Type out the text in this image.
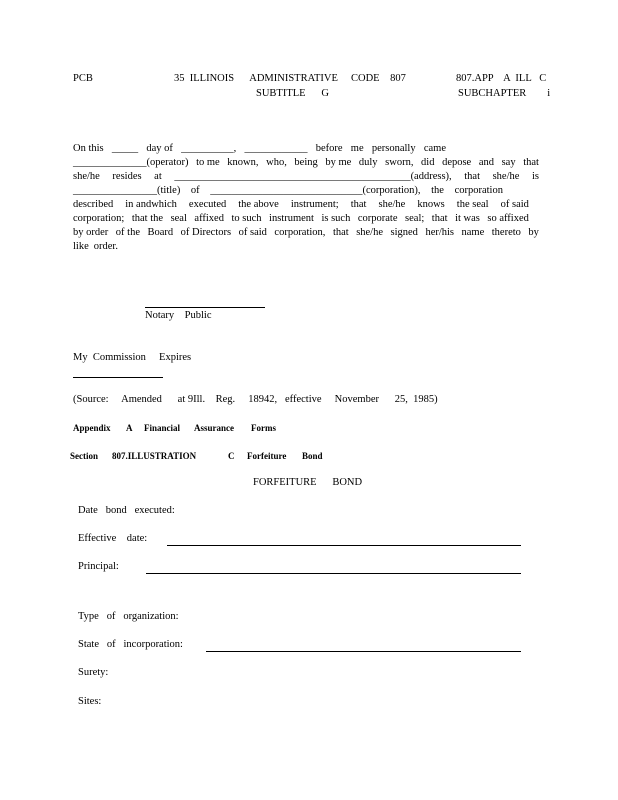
PCB	35  ILLINOIS      ADMINISTRATIVE CODE    807	807.APP    A  ILL   C
SUBTITLE      G	SUBCHAPTER        i
On this _____ day of __________, ____________ before me personally came
______________(operator) to me known, who, being by me duly sworn, did depose and say that
she/he resides at _____________________________________________(address), that she/he is
________________(title) of _____________________________(corporation), the corporation
described in andwhich executed the above instrument; that she/he knows the seal of said
corporation; that the seal affixed to such instrument is such corporate seal; that it was so affixed
by order of the Board of Directors of said corporation, that she/he signed her/his name thereto by
like order.
Notary    Public
My  Commission     Expires
(Source:     Amended      at 9Ill.    Reg.     18942,   effective     November      25,  1985)
Appendix A Financial Assurance Forms
Section 807.ILLUSTRATION	C Forfeiture Bond
FORFEITURE      BOND
Date   bond   executed:
Effective    date:
Principal:
Type   of   organization:
State   of   incorporation:
Surety:
Sites:
